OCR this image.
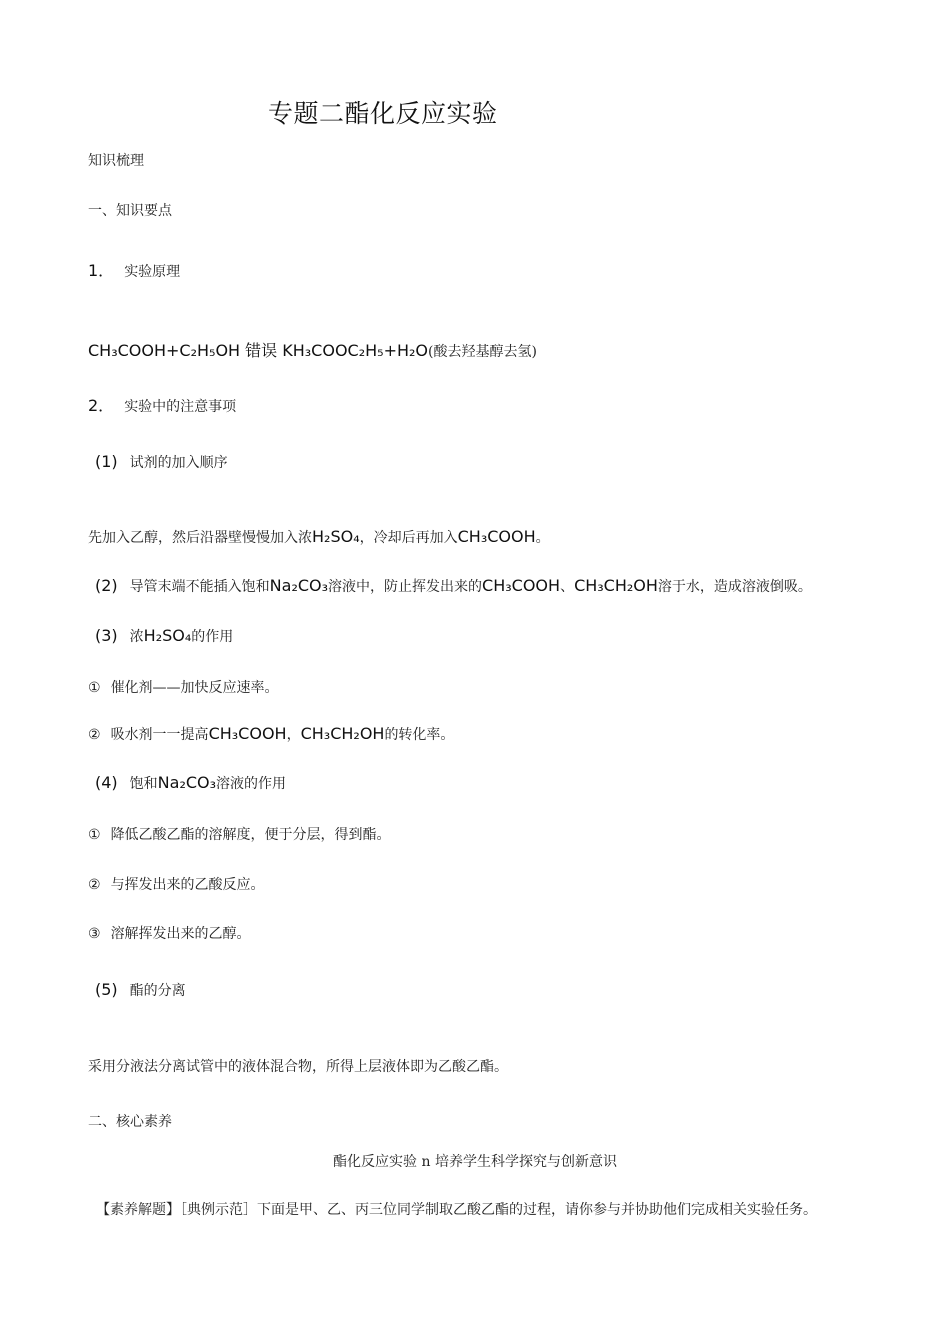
专题二酯化反应实验
知识梳理
一、知识要点
1． 实验原理
CH₃COOH+C₂H₅OH 错误 KH₃COOC₂H₅+H₂O(酸去羟基醇去氢)
2． 实验中的注意事项
(1) 试剂的加入顺序
先加入乙醇，然后沿器壁慢慢加入浓H₂SO₄，冷却后再加入CH₃COOH。
(2) 导管末端不能插入饱和Na₂CO₃溶液中，防止挥发出来的CH₃COOH、CH₃CH₂OH溶于水，造成溶液倒吸。
(3) 浓H₂SO₄的作用
① 催化剂——加快反应速率。
② 吸水剂一一提高CH₃COOH，CH₃CH₂OH的转化率。
(4) 饱和Na₂CO₃溶液的作用
① 降低乙酸乙酯的溶解度，便于分层，得到酯。
② 与挥发出来的乙酸反应。
③ 溶解挥发出来的乙醇。
(5) 酯的分离
采用分液法分离试管中的液体混合物，所得上层液体即为乙酸乙酯。
二、核心素养
酯化反应实验 n 培养学生科学探究与创新意识
【素养解题】［典例示范］下面是甲、乙、丙三位同学制取乙酸乙酯的过程，请你参与并协助他们完成相关实验任务。
